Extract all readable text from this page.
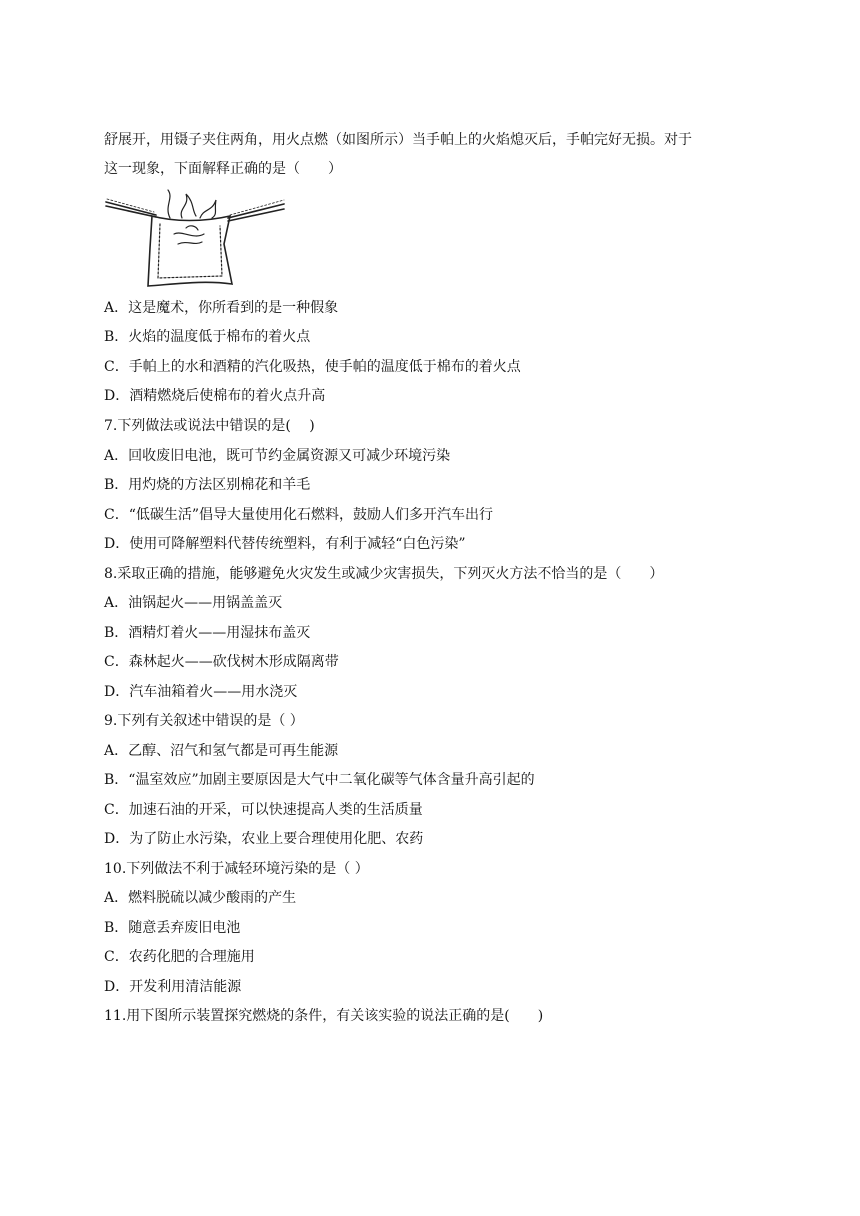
舒展开，用镊子夹住两角，用火点燃（如图所示）当手帕上的火焰熄灭后，手帕完好无损。对于
这一现象，下面解释正确的是（　　）
A．这是魔术，你所看到的是一种假象
B．火焰的温度低于棉布的着火点
C．手帕上的水和酒精的汽化吸热，使手帕的温度低于棉布的着火点
D．酒精燃烧后使棉布的着火点升高
7.下列做法或说法中错误的是(　 )
A．回收废旧电池，既可节约金属资源又可减少环境污染
B．用灼烧的方法区别棉花和羊毛
C．“低碳生活”倡导大量使用化石燃料，鼓励人们多开汽车出行
D．使用可降解塑料代替传统塑料，有利于减轻“白色污染”
8.采取正确的措施，能够避免火灾发生或减少灾害损失，下列灭火方法不恰当的是（　　）
A．油锅起火——用锅盖盖灭
B．酒精灯着火——用湿抹布盖灭
C．森林起火——砍伐树木形成隔离带
D．汽车油箱着火——用水浇灭
9.下列有关叙述中错误的是（ ）
A．乙醇、沼气和氢气都是可再生能源
B．“温室效应”加剧主要原因是大气中二氧化碳等气体含量升高引起的
C．加速石油的开采，可以快速提高人类的生活质量
D．为了防止水污染，农业上要合理使用化肥、农药
10.下列做法不利于减轻环境污染的是（ ）
A．燃料脱硫以减少酸雨的产生
B．随意丢弃废旧电池
C．农药化肥的合理施用
D．开发利用清洁能源
11.用下图所示装置探究燃烧的条件，有关该实验的说法正确的是(　　)
